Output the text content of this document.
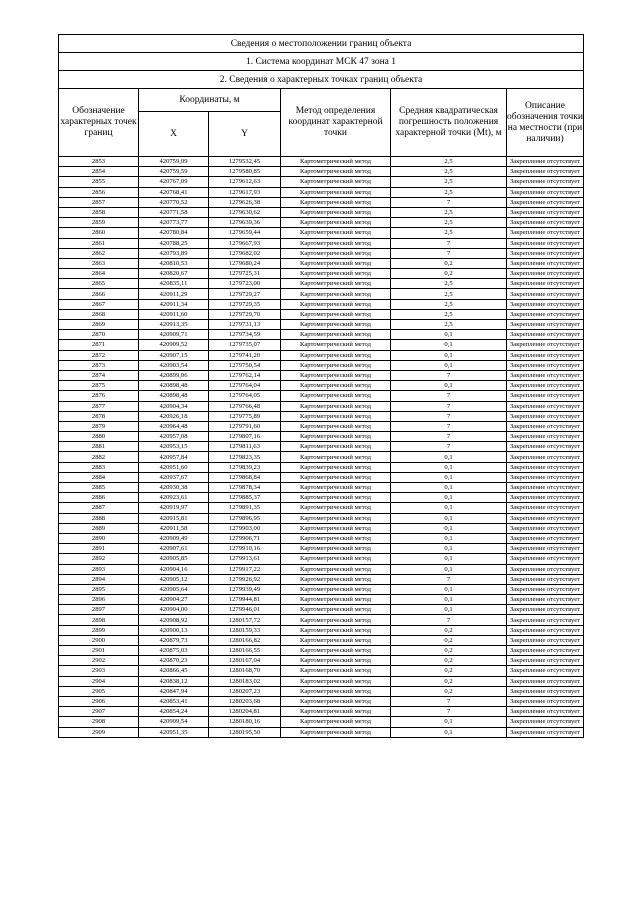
Сведения о местоположении границ объекта					
1. Система координат МСК 47 зона 1					
2. Сведения о характерных точках границ объекта					
Обозначение характерных точек границ	Координаты, м		Метод определения координат характерной точки	Средняя квадратическая погрешность положения характерной точки (Mt), м	Описание обозначения точки на местности (при наличии)
	X	Y			
2853	420759,09	1279532,45	Картометрический метод	2,5	Закрепление отсутствует
2854	420759,59	1279580,85	Картометрический метод	2,5	Закрепление отсутствует
2855	420767,09	1279612,63	Картометрический метод	2,5	Закрепление отсутствует
2856	420768,41	1279617,93	Картометрический метод	2,5	Закрепление отсутствует
2857	420770,52	1279626,38	Картометрический метод	7	Закрепление отсутствует
2858	420771,58	1279630,62	Картометрический метод	2,5	Закрепление отсутствует
2859	420773,77	1279639,36	Картометрический метод	2,5	Закрепление отсутствует
2860	420780,84	1279659,44	Картометрический метод	2,5	Закрепление отсутствует
2861	420788,25	1279667,93	Картометрический метод	7	Закрепление отсутствует
2862	420793,89	1279682,02	Картометрический метод	7	Закрепление отсутствует
2863	420810,53	1279680,24	Картометрический метод	0,2	Закрепление отсутствует
2864	420820,67	1279725,31	Картометрический метод	0,2	Закрепление отсутствует
2865	420835,11	1279723,00	Картометрический метод	2,5	Закрепление отсутствует
2866	420911,29	1279729,27	Картометрический метод	2,5	Закрепление отсутствует
2867	420911,34	1279729,35	Картометрический метод	2,5	Закрепление отсутствует
2868	420911,60	1279729,70	Картометрический метод	2,5	Закрепление отсутствует
2869	420913,35	1279731,13	Картометрический метод	2,5	Закрепление отсутствует
2870	420909,71	1279734,59	Картометрический метод	0,1	Закрепление отсутствует
2871	420909,52	1279735,07	Картометрический метод	0,1	Закрепление отсутствует
2872	420907,15	1279741,20	Картометрический метод	0,1	Закрепление отсутствует
2873	420903,54	1279750,54	Картометрический метод	0,1	Закрепление отсутствует
2874	420899,06	1279762,14	Картометрический метод	7	Закрепление отсутствует
2875	420898,48	1279764,04	Картометрический метод	0,1	Закрепление отсутствует
2876	420898,48	1279764,05	Картометрический метод	7	Закрепление отсутствует
2877	420904,34	1279766,48	Картометрический метод	7	Закрепление отсутствует
2878	420926,18	1279775,89	Картометрический метод	7	Закрепление отсутствует
2879	420964,48	1279791,60	Картометрический метод	7	Закрепление отсутствует
2880	420957,08	1279807,16	Картометрический метод	7	Закрепление отсутствует
2881	420953,15	1279811,63	Картометрический метод	7	Закрепление отсутствует
2882	420957,84	1279823,35	Картометрический метод	0,1	Закрепление отсутствует
2883	420951,60	1279839,23	Картометрический метод	0,1	Закрепление отсутствует
2884	420937,67	1279868,84	Картометрический метод	0,1	Закрепление отсутствует
2885	420930,38	1279878,34	Картометрический метод	0,1	Закрепление отсутствует
2886	420923,61	1279885,37	Картометрический метод	0,1	Закрепление отсутствует
2887	420919,97	1279891,35	Картометрический метод	0,1	Закрепление отсутствует
2888	420915,81	1279896,95	Картометрический метод	0,1	Закрепление отсутствует
2889	420911,58	1279903,00	Картометрический метод	0,1	Закрепление отсутствует
2890	420909,49	1279906,71	Картометрический метод	0,1	Закрепление отсутствует
2891	420907,61	1279910,16	Картометрический метод	0,1	Закрепление отсутствует
2892	420905,85	1279913,61	Картометрический метод	0,1	Закрепление отсутствует
2893	420904,16	1279917,22	Картометрический метод	0,1	Закрепление отсутствует
2894	420905,12	1279926,92	Картометрический метод	7	Закрепление отсутствует
2895	420905,64	1279939,49	Картометрический метод	0,1	Закрепление отсутствует
2896	420904,27	1279944,81	Картометрический метод	0,1	Закрепление отсутствует
2897	420904,00	1279946,01	Картометрический метод	0,1	Закрепление отсутствует
2898	420908,92	1280157,72	Картометрический метод	7	Закрепление отсутствует
2899	420900,13	1280159,33	Картометрический метод	0,2	Закрепление отсутствует
2900	420879,73	1280166,82	Картометрический метод	0,2	Закрепление отсутствует
2901	420875,03	1280166,55	Картометрический метод	0,2	Закрепление отсутствует
2902	420870,23	1280167,04	Картометрический метод	0,2	Закрепление отсутствует
2903	420866,45	1280168,70	Картометрический метод	0,2	Закрепление отсутствует
2904	420838,12	1280183,02	Картометрический метод	0,2	Закрепление отсутствует
2905	420847,94	1280207,23	Картометрический метод	0,2	Закрепление отсутствует
2906	420853,41	1280203,68	Картометрический метод	7	Закрепление отсутствует
2907	420854,24	1280204,81	Картометрический метод	7	Закрепление отсутствует
2908	420909,54	1280180,16	Картометрический метод	0,1	Закрепление отсутствует
2909	420951,35	1280195,50	Картометрический метод	0,1	Закрепление отсутствует
